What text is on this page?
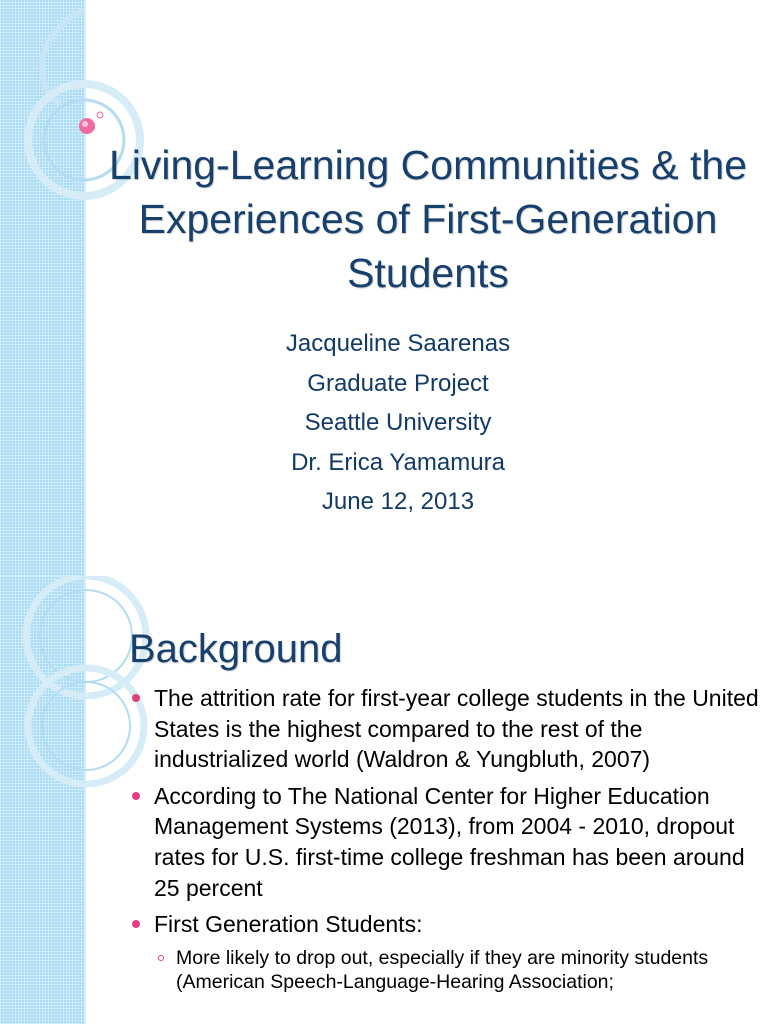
Living-Learning Communities & the Experiences of First-Generation Students
Jacqueline Saarenas
Graduate Project
Seattle University
Dr. Erica Yamamura
June 12, 2013
Background
The attrition rate for first-year college students in the United States is the highest compared to the rest of the industrialized world (Waldron & Yungbluth, 2007)
According to The National Center for Higher Education Management Systems (2013), from 2004 - 2010, dropout rates for U.S. first-time college freshman has been around 25 percent
First Generation Students:
More likely to drop out, especially if they are minority students (American Speech-Language-Hearing Association;
